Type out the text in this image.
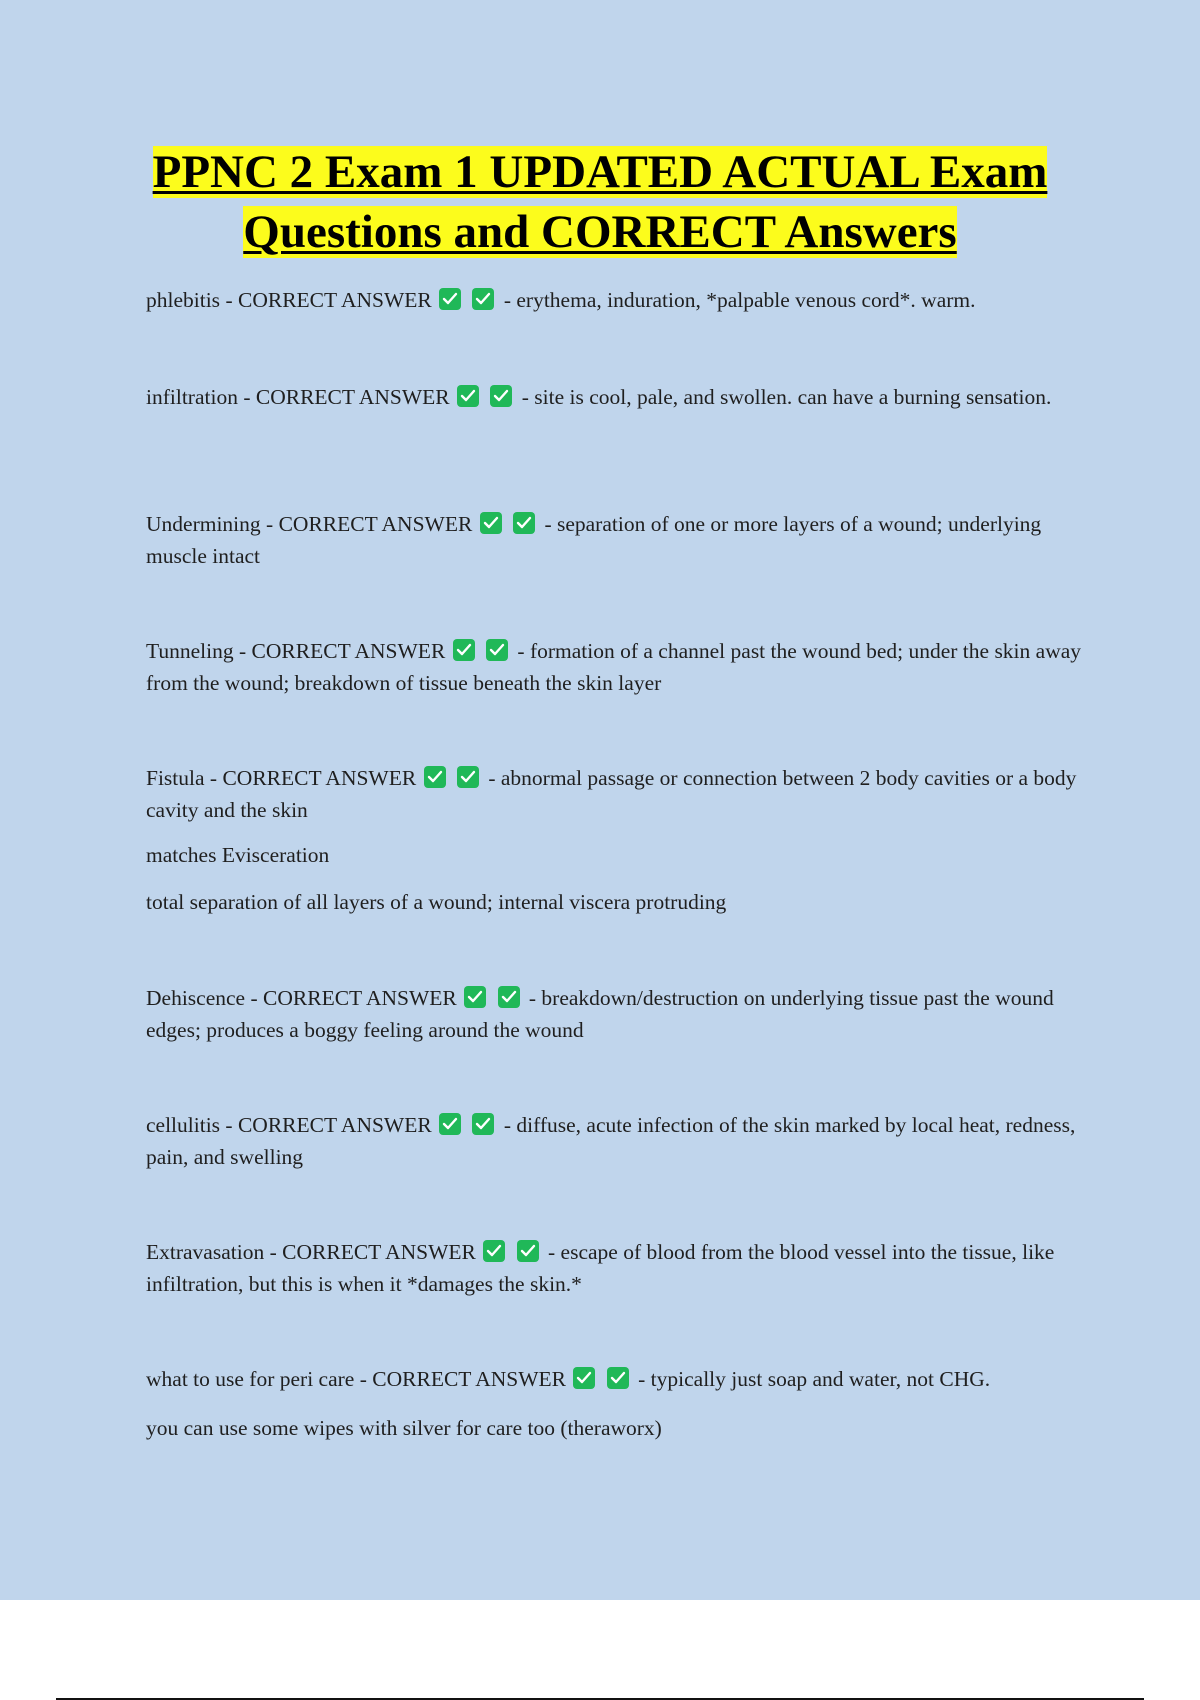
PPNC 2 Exam 1 UPDATED ACTUAL Exam
Questions and CORRECT Answers

phlebitis - CORRECT ANSWER
	- erythema, induration, *palpable venous cord*. warm.

infiltration - CORRECT ANSWER
	- site is cool, pale, and swollen. can have a burning sensation.

Undermining - CORRECT ANSWER
	- separation of one or more layers of a wound; underlying muscle intact

Tunneling - CORRECT ANSWER
	- formation of a channel past the wound bed; under the skin away from the wound; breakdown of tissue beneath the skin layer

Fistula - CORRECT ANSWER
	- abnormal passage or connection between 2 body cavities or a body cavity and the skin

matches Evisceration

total separation of all layers of a wound; internal viscera protruding

Dehiscence - CORRECT ANSWER
	- breakdown/destruction on underlying tissue past the wound edges; produces a boggy feeling around the wound

cellulitis - CORRECT ANSWER
	- diffuse, acute infection of the skin marked by local heat, redness, pain, and swelling

Extravasation - CORRECT ANSWER
	- escape of blood from the blood vessel into the tissue, like infiltration, but this is when it *damages the skin.*

what to use for peri care - CORRECT ANSWER
	- typically just soap and water, not CHG.

you can use some wipes with silver for care too (theraworx)
